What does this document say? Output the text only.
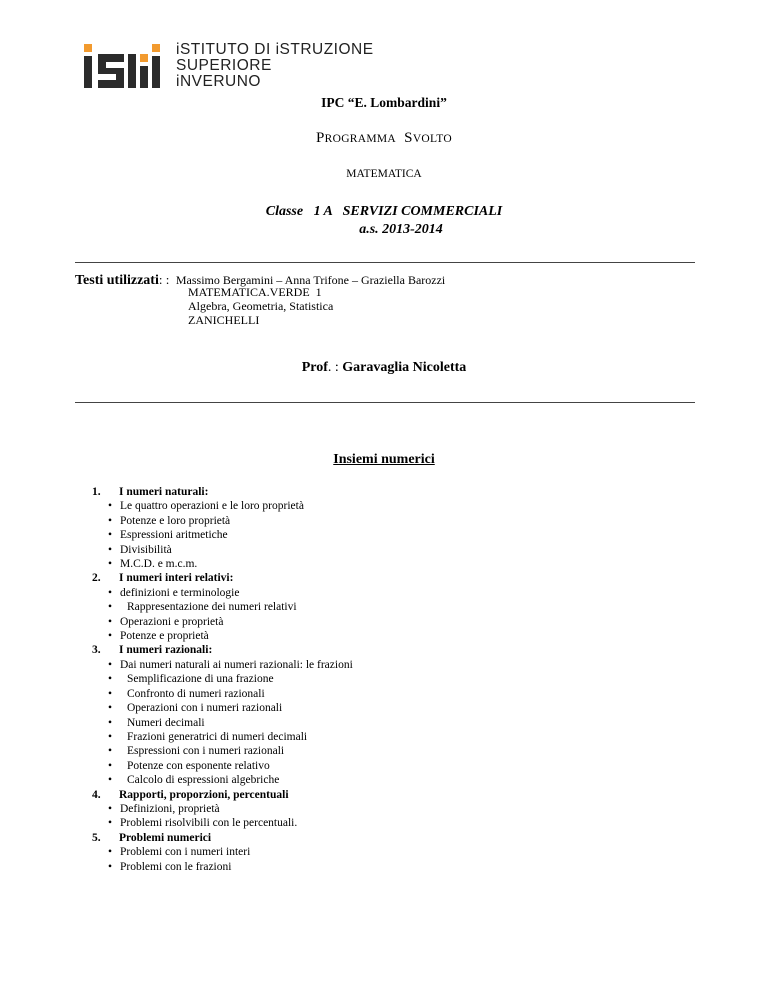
iSTITUTO DI iSTRUZIONE
SUPERIORE
iNVERUNO
IPC “E. Lombardini”
PROGRAMMA SVOLTO
MATEMATICA
Classe   1 A   SERVIZI COMMERCIALI
a.s. 2013-2014
Testi utilizzati: : Massimo Bergamini – Anna Trifone – Graziella Barozzi
MATEMATICA.VERDE  1
Algebra, Geometria, Statistica
ZANICHELLI
Prof. : Garavaglia Nicoletta
Insiemi numerici
1. I numeri naturali:
• Le quattro operazioni e le loro proprietà
• Potenze e loro proprietà
• Espressioni aritmetiche
• Divisibilità
• M.C.D. e m.c.m.
2. I numeri interi relativi:
• definizioni e terminologie
• Rappresentazione dei numeri relativi
• Operazioni e proprietà
• Potenze e proprietà
3. I numeri razionali:
• Dai numeri naturali ai numeri razionali: le frazioni
• Semplificazione di una frazione
• Confronto di numeri razionali
• Operazioni con i numeri razionali
• Numeri decimali
• Frazioni generatrici di numeri decimali
• Espressioni con i numeri razionali
• Potenze con esponente relativo
• Calcolo di espressioni algebriche
4. Rapporti, proporzioni, percentuali
• Definizioni, proprietà
• Problemi risolvibili con le percentuali.
5. Problemi numerici
• Problemi con i numeri interi
• Problemi con le frazioni
